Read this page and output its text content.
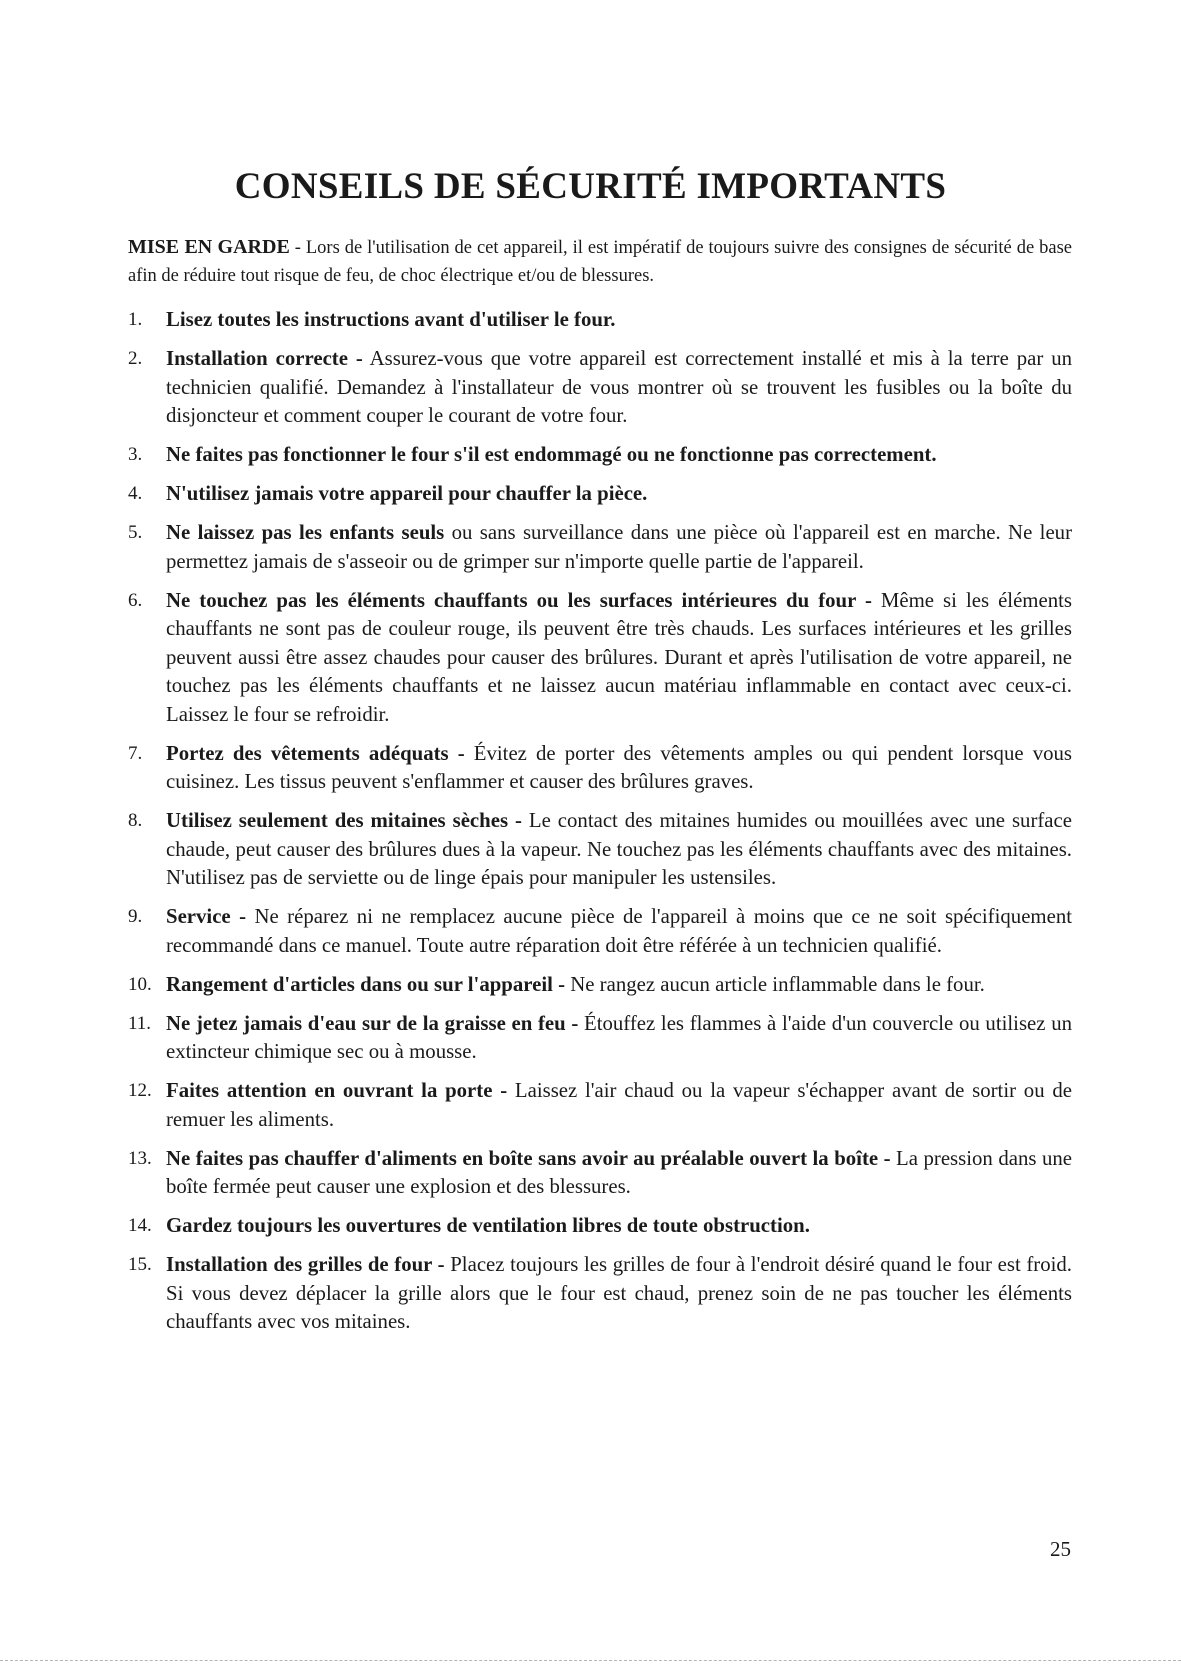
CONSEILS DE SÉCURITÉ IMPORTANTS

MISE EN GARDE - Lors de l'utilisation de cet appareil, il est impératif de toujours suivre des consignes de sécurité de base afin de réduire tout risque de feu, de choc électrique et/ou de blessures.

1.	Lisez toutes les instructions avant d'utiliser le four.
2.	Installation correcte - Assurez-vous que votre appareil est correctement installé et mis à la terre par un technicien qualifié. Demandez à l'installateur de vous montrer où se trouvent les fusibles ou la boîte du disjoncteur et comment couper le courant de votre four.
3.	Ne faites pas fonctionner le four s'il est endommagé ou ne fonctionne pas correctement.
4.	N'utilisez jamais votre appareil pour chauffer la pièce.
5.	Ne laissez pas les enfants seuls ou sans surveillance dans une pièce où l'appareil est en marche. Ne leur permettez jamais de s'asseoir ou de grimper sur n'importe quelle partie de l'appareil.
6.	Ne touchez pas les éléments chauffants ou les surfaces intérieures du four - Même si les éléments chauffants ne sont pas de couleur rouge, ils peuvent être très chauds. Les surfaces intérieures et les grilles peuvent aussi être assez chaudes pour causer des brûlures. Durant et après l'utilisation de votre appareil, ne touchez pas les éléments chauffants et ne laissez aucun matériau inflammable en contact avec ceux-ci. Laissez le four se refroidir.
7.	Portez des vêtements adéquats - Évitez de porter des vêtements amples ou qui pendent lorsque vous cuisinez. Les tissus peuvent s'enflammer et causer des brûlures graves.
8.	Utilisez seulement des mitaines sèches - Le contact des mitaines humides ou mouillées avec une surface chaude, peut causer des brûlures dues à la vapeur. Ne touchez pas les éléments chauffants avec des mitaines. N'utilisez pas de serviette ou de linge épais pour manipuler les ustensiles.
9.	Service - Ne réparez ni ne remplacez aucune pièce de l'appareil à moins que ce ne soit spécifiquement recommandé dans ce manuel. Toute autre réparation doit être référée à un technicien qualifié.
10. Rangement d'articles dans ou sur l'appareil - Ne rangez aucun article inflammable dans le four.
11. Ne jetez jamais d'eau sur de la graisse en feu - Étouffez les flammes à l'aide d'un couvercle ou utilisez un extincteur chimique sec ou à mousse.
12. Faites attention en ouvrant la porte - Laissez l'air chaud ou la vapeur s'échapper avant de sortir ou de remuer les aliments.
13. Ne faites pas chauffer d'aliments en boîte sans avoir au préalable ouvert la boîte - La pression dans une boîte fermée peut causer une explosion et des blessures.
14. Gardez toujours les ouvertures de ventilation libres de toute obstruction.
15. Installation des grilles de four - Placez toujours les grilles de four à l'endroit désiré quand le four est froid. Si vous devez déplacer la grille alors que le four est chaud, prenez soin de ne pas toucher les éléments chauffants avec vos mitaines.
25
